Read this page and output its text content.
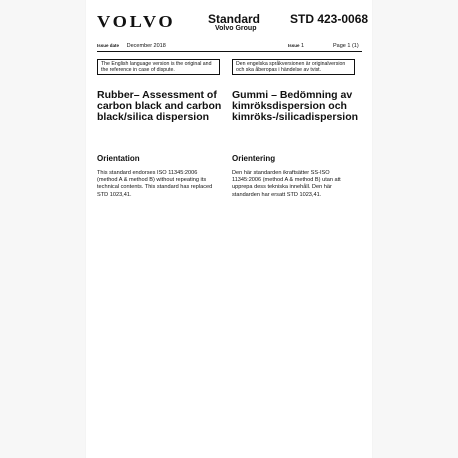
VOLVO	Standard
Volvo Group
STD 423-0068
Issue date December 2018	Issue 1	Page 1 (1)
The English language version is the original and the reference in case of dispute.
Den engelska språkversionen är originalversion och ska åberopas i händelse av tvist.
Rubber– Assessment of carbon black and carbon black/silica dispersion
Gummi – Bedömning av kimröksdispersion och kimröks-/silicadispersion
Orientation	Orientering
This standard endorses ISO 11345:2006 (method A & method B) without repeating its technical contents. This standard has replaced STD 1023,41.
Den här standarden ikraftsätter SS-ISO 11345:2006 (method A & method B) utan att upprepa dess tekniska innehåll. Den här standarden har ersatt STD 1023,41.
